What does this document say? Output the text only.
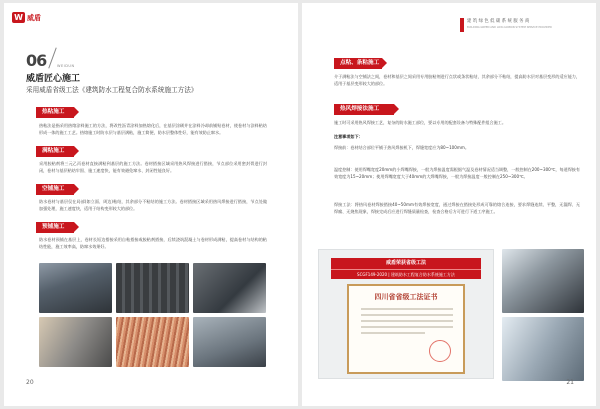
W 威盾
06	WEIDUN
威盾匠心施工
采用威盾省级工法《建筑防水工程复合防水系统施工方法》
热粘施工
热粘法是指采用热熔涂料施工的方法，将改性沥青涂料加热熔化后，在基层涂刷并在涂料冷却前铺贴卷材，使卷材与涂料粘结形成一体的施工工艺。热熔施工时防水层与基层满粘，施工简便，防水层整体性好，能有效防止窜水。
满粘施工
采用胶粘剂将三元乙丙卷材直接满粘到基层的施工方法。卷材搭接区域采用热风焊接进行搭接，节点部位采用密封膏进行封闭，卷材与基层粘结牢固、施工速度快，能有效避免窜水、封闭性能良好。
空铺施工
防水卷材与基层仅在局部(如立面、周边)粘结，其余部分不粘结的施工方法。卷材搭接区域采用热风焊接进行搭接，节点处做加强处理，施工速度快，适用于结构变形较大的部位。
预铺施工
防水卷材预铺在基层上，卷材长短边搭接采用自粘搭接或胶粘剂搭接，后续浇筑混凝土与卷材形成满粘，提高卷材与结构的粘结性能，施工效率高，防窜水效果好。
20
建筑绿色低碳系统服务商
BUILDING GREEN AND LOW-CARBON SYSTEM SERVICE PROVIDER
点粘、条粘施工
介于满粘法与空铺法之间，卷材和基层之间采用专用胶粘剂进行点状或条状粘结，其余部分不粘结，提高防水层对基层变形的适应能力，适用于基层变形较大的部位。
热风焊接法施工
施工时可采用热风焊接工艺，复杂的防水施工部位，要以专用的配套设备与特殊配件组合施工。
注意事项如下：
焊接前：卷材结合部位平铺于热风焊接机下，焊缝宽度应为80~100mm。
温度控制：使用焊嘴宽度20mm的小焊嘴焊接，一般为焊接温度需根据气温及卷材情况适当调整，一般控制在200~300℃，每道焊接有效宽度为15~20mm；使用焊嘴宽度大于40mm的大焊嘴焊接，一般为焊接温度一般控制在250~300℃。
焊接工法：将热风卷材焊接搭接40~50mm有效焊接宽度，通过焊接在搭接处形成可靠的熔合连接，要求焊缝连续、平整，无漏焊、无焊瘤、无烧焦现象，焊接完成后应进行焊缝质量检查，检查合格后方可进行下道工序施工。
威盾荣获省级工法
SCGF149-2020 | 建筑防水工程复合防水系统施工方法
四川省省级工法证书
21
